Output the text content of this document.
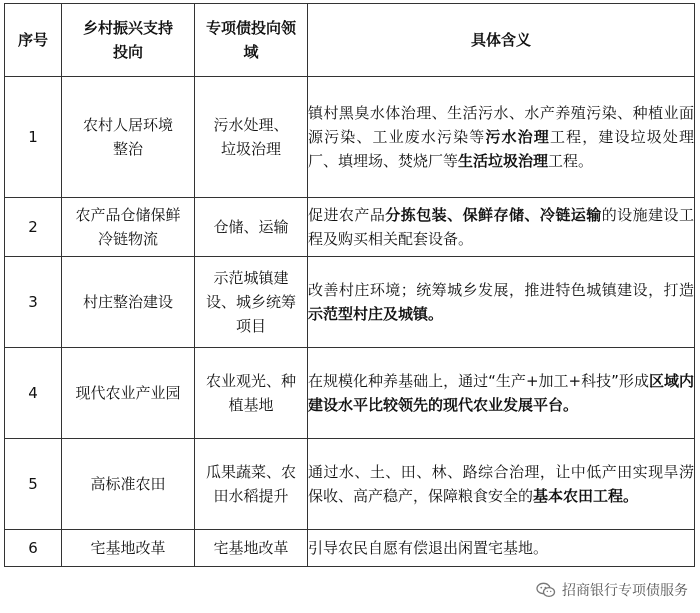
序号	乡村振兴支持投向	专项债投向领域	具体含义
1	农村人居环境整治	污水处理、垃圾治理	镇村黑臭水体治理、生活污水、水产养殖污染、种植业面源污染、工业废水污染等污水治理工程，建设垃圾处理厂、填埋场、焚烧厂等生活垃圾治理工程。
2	农产品仓储保鲜冷链物流	仓储、运输	促进农产品分拣包装、保鲜存储、冷链运输的设施建设工程及购买相关配套设备。
3	村庄整治建设	示范城镇建设、城乡统筹项目	改善村庄环境；统筹城乡发展，推进特色城镇建设，打造示范型村庄及城镇。
4	现代农业产业园	农业观光、种植基地	在规模化种养基础上，通过“生产+加工+科技”形成区域内建设水平比较领先的现代农业发展平台。
5	高标准农田	瓜果蔬菜、农田水稻提升	通过水、土、田、林、路综合治理，让中低产田实现旱涝保收、高产稳产，保障粮食安全的基本农田工程。
6	宅基地改革	宅基地改革	引导农民自愿有偿退出闲置宅基地。
招商银行专项债服务
